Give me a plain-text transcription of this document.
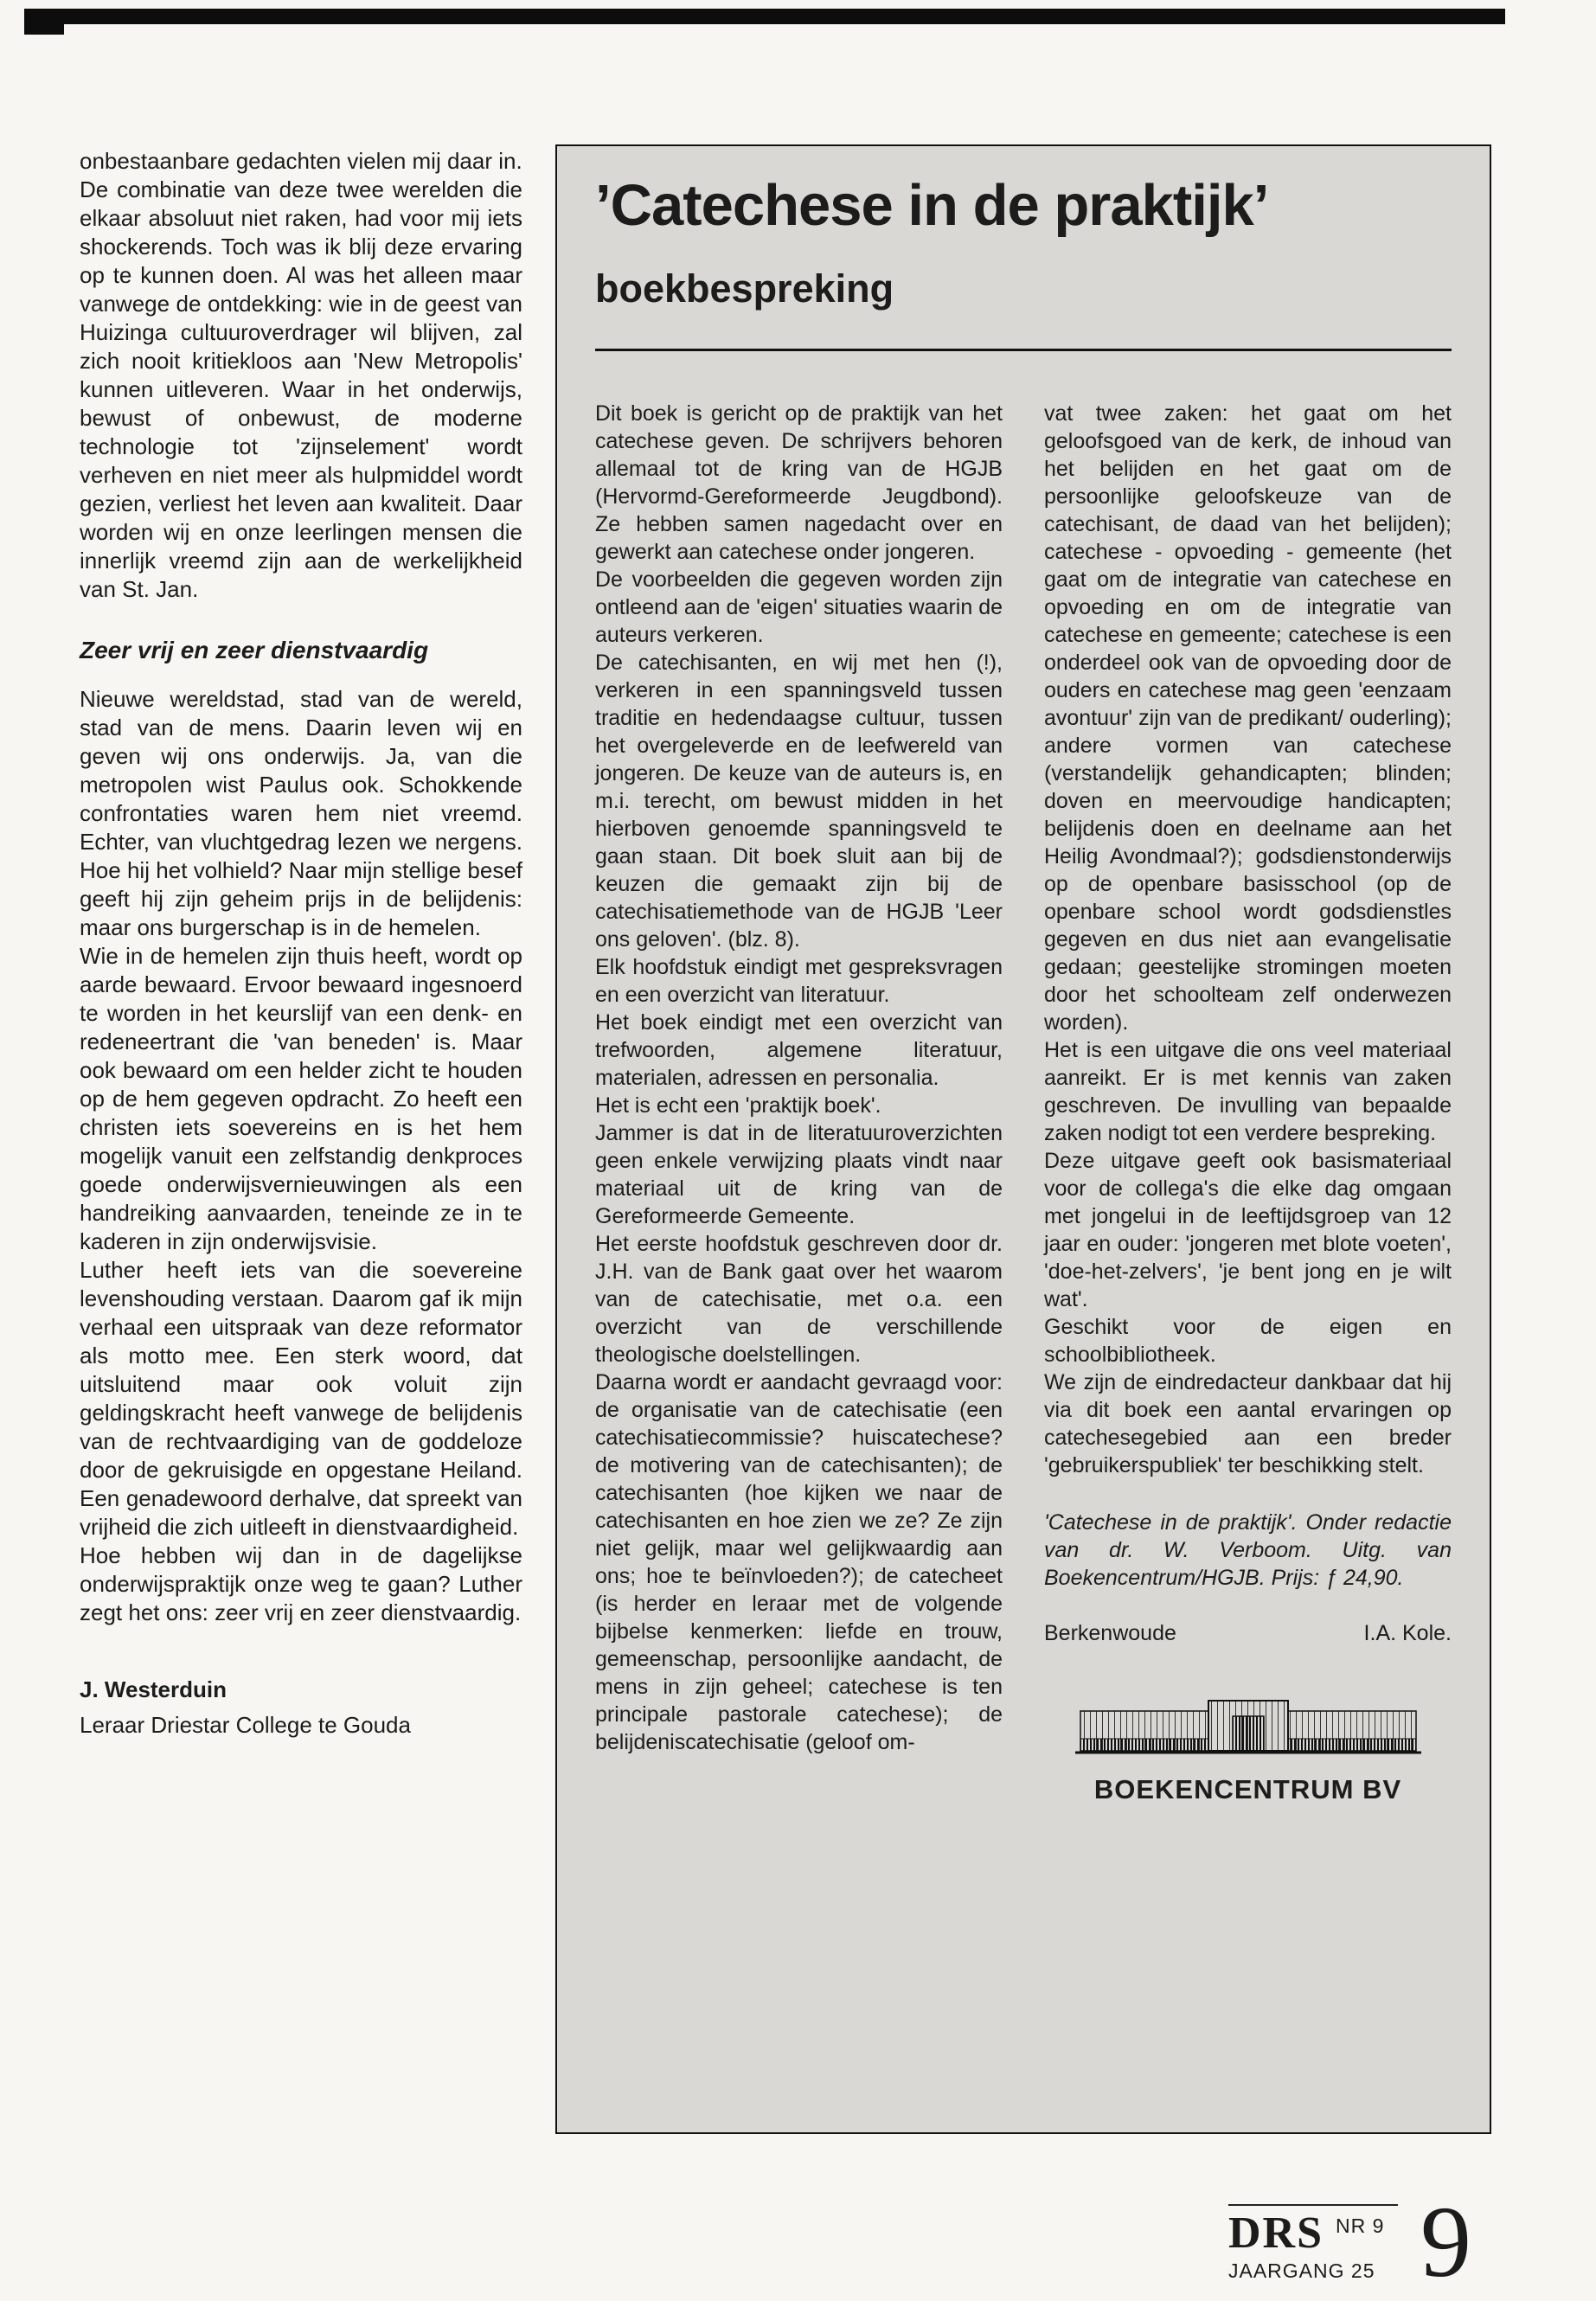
onbestaanbare gedachten vielen mij daar in.

De combinatie van deze twee werelden die elkaar absoluut niet raken, had voor mij iets shockerends. Toch was ik blij deze ervaring op te kunnen doen. Al was het alleen maar vanwege de ontdekking: wie in de geest van Huizinga cultuuroverdrager wil blijven, zal zich nooit kritiekloos aan 'New Metropolis' kunnen uitleveren. Waar in het onderwijs, bewust of onbewust, de moderne technologie tot 'zijnselement' wordt verheven en niet meer als hulpmiddel wordt gezien, verliest het leven aan kwaliteit. Daar worden wij en onze leerlingen mensen die innerlijk vreemd zijn aan de werkelijkheid van St. Jan.

Zeer vrij en zeer dienstvaardig

Nieuwe wereldstad, stad van de wereld, stad van de mens. Daarin leven wij en geven wij ons onderwijs. Ja, van die metropolen wist Paulus ook. Schokkende confrontaties waren hem niet vreemd. Echter, van vluchtgedrag lezen we nergens. Hoe hij het volhield? Naar mijn stellige besef geeft hij zijn geheim prijs in de belijdenis: maar ons burgerschap is in de hemelen.

Wie in de hemelen zijn thuis heeft, wordt op aarde bewaard. Ervoor bewaard ingesnoerd te worden in het keurslijf van een denk- en redeneertrant die 'van beneden' is. Maar ook bewaard om een helder zicht te houden op de hem gegeven opdracht. Zo heeft een christen iets soevereins en is het hem mogelijk vanuit een zelfstandig denkproces goede onderwijsvernieuwingen als een handreiking aanvaarden, teneinde ze in te kaderen in zijn onderwijsvisie.

Luther heeft iets van die soevereine levenshouding verstaan. Daarom gaf ik mijn verhaal een uitspraak van deze reformator als motto mee. Een sterk woord, dat uitsluitend maar ook voluit zijn geldingskracht heeft vanwege de belijdenis van de rechtvaardiging van de goddeloze door de gekruisigde en opgestane Heiland. Een genadewoord derhalve, dat spreekt van vrijheid die zich uitleeft in dienstvaardigheid.

Hoe hebben wij dan in de dagelijkse onderwijspraktijk onze weg te gaan? Luther zegt het ons: zeer vrij en zeer dienstvaardig.

J. Westerduin

Leraar Driestar College te Gouda

’Catechese in de praktijk’
boekbespreking

Dit boek is gericht op de praktijk van het catechese geven. De schrijvers behoren allemaal tot de kring van de HGJB (Hervormd-Gereformeerde Jeugdbond). Ze hebben samen nagedacht over en gewerkt aan catechese onder jongeren.

De voorbeelden die gegeven worden zijn ontleend aan de 'eigen' situaties waarin de auteurs verkeren.

De catechisanten, en wij met hen (!), verkeren in een spanningsveld tussen traditie en hedendaagse cultuur, tussen het overgeleverde en de leefwereld van jongeren. De keuze van de auteurs is, en m.i. terecht, om bewust midden in het hierboven genoemde spanningsveld te gaan staan. Dit boek sluit aan bij de keuzen die gemaakt zijn bij de catechisatiemethode van de HGJB 'Leer ons geloven'. (blz. 8).

Elk hoofdstuk eindigt met gespreksvragen en een overzicht van literatuur.

Het boek eindigt met een overzicht van trefwoorden, algemene literatuur, materialen, adressen en personalia.

Het is echt een 'praktijk boek'.

Jammer is dat in de literatuuroverzichten geen enkele verwijzing plaats vindt naar materiaal uit de kring van de Gereformeerde Gemeente.

Het eerste hoofdstuk geschreven door dr. J.H. van de Bank gaat over het waarom van de catechisatie, met o.a. een overzicht van de verschillende theologische doelstellingen.

Daarna wordt er aandacht gevraagd voor: de organisatie van de catechisatie (een catechisatiecommissie? huiscatechese? de motivering van de catechisanten); de catechisanten (hoe kijken we naar de catechisanten en hoe zien we ze? Ze zijn niet gelijk, maar wel gelijkwaardig aan ons; hoe te beïnvloeden?); de catecheet (is herder en leraar met de volgende bijbelse kenmerken: liefde en trouw, gemeenschap, persoonlijke aandacht, de mens in zijn geheel; catechese is ten principale pastorale catechese); de belijdeniscatechisatie (geloof om-

vat twee zaken: het gaat om het geloofsgoed van de kerk, de inhoud van het belijden en het gaat om de persoonlijke geloofskeuze van de catechisant, de daad van het belijden); catechese - opvoeding - gemeente (het gaat om de integratie van catechese en opvoeding en om de integratie van catechese en gemeente; catechese is een onderdeel ook van de opvoeding door de ouders en catechese mag geen 'eenzaam avontuur' zijn van de predikant/ ouderling); andere vormen van catechese (verstandelijk gehandicapten; blinden; doven en meervoudige handicapten; belijdenis doen en deelname aan het Heilig Avondmaal?); godsdienstonderwijs op de openbare basisschool (op de openbare school wordt godsdienstles gegeven en dus niet aan evangelisatie gedaan; geestelijke stromingen moeten door het schoolteam zelf onderwezen worden).

Het is een uitgave die ons veel materiaal aanreikt. Er is met kennis van zaken geschreven. De invulling van bepaalde zaken nodigt tot een verdere bespreking.

Deze uitgave geeft ook basismateriaal voor de collega's die elke dag omgaan met jongelui in de leeftijdsgroep van 12 jaar en ouder: 'jongeren met blote voeten', 'doe-het-zelvers', 'je bent jong en je wilt wat'.

Geschikt voor de eigen en schoolbibliotheek.

We zijn de eindredacteur dankbaar dat hij via dit boek een aantal ervaringen op catechesegebied aan een breder 'gebruikerspubliek' ter beschikking stelt.

'Catechese in de praktijk'. Onder redactie van dr. W. Verboom. Uitg. van Boekencentrum/HGJB. Prijs: ƒ 24,90.

Berkenwoude	I.A. Kole.

BOEKENCENTRUM BV

DRS NR 9
JAARGANG 25 9
